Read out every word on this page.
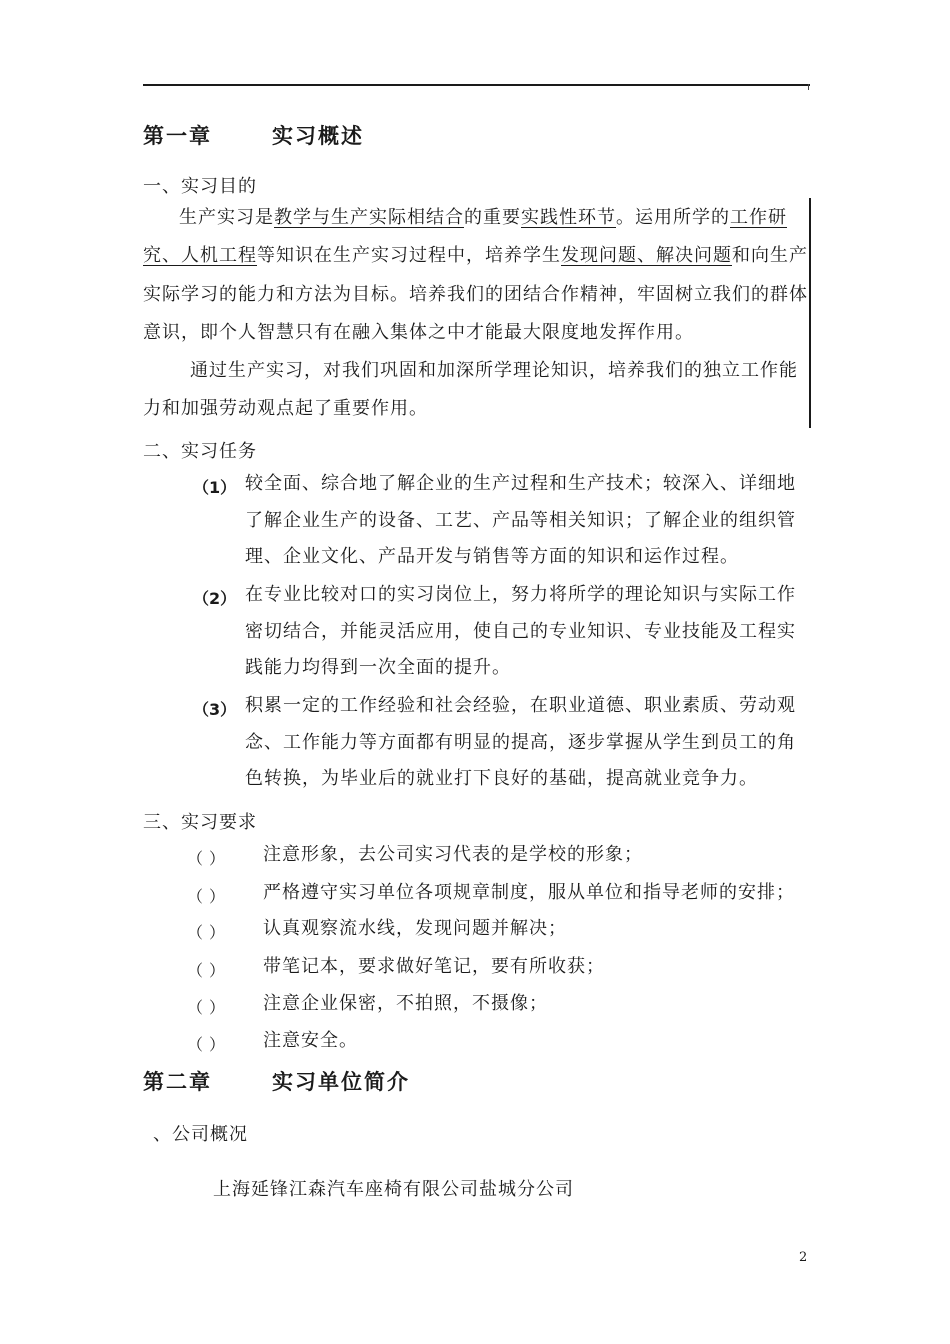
第一章	实习概述
一、实习目的
生产实习是教学与生产实际相结合的重要实践性环节。运用所学的工作研
究、人机工程等知识在生产实习过程中，培养学生发现问题、解决问题和向生产
实际学习的能力和方法为目标。培养我们的团结合作精神，牢固树立我们的群体
意识，即个人智慧只有在融入集体之中才能最大限度地发挥作用。
通过生产实习，对我们巩固和加深所学理论知识，培养我们的独立工作能
力和加强劳动观点起了重要作用。
二、实习任务
（1） 较全面、综合地了解企业的生产过程和生产技术；较深入、详细地
了解企业生产的设备、工艺、产品等相关知识；了解企业的组织管
理、企业文化、产品开发与销售等方面的知识和运作过程。
（2） 在专业比较对口的实习岗位上，努力将所学的理论知识与实际工作
密切结合，并能灵活应用，使自己的专业知识、专业技能及工程实
践能力均得到一次全面的提升。
（3） 积累一定的工作经验和社会经验，在职业道德、职业素质、劳动观
念、工作能力等方面都有明显的提高，逐步掌握从学生到员工的角
色转换，为毕业后的就业打下良好的基础，提高就业竞争力。
三、实习要求
（） 注意形象，去公司实习代表的是学校的形象；
（） 严格遵守实习单位各项规章制度，服从单位和指导老师的安排；
（） 认真观察流水线，发现问题并解决；
（） 带笔记本，要求做好笔记，要有所收获；
（） 注意企业保密，不拍照，不摄像；
（） 注意安全。
第二章	实习单位简介
、公司概况
上海延锋江森汽车座椅有限公司盐城分公司
2
